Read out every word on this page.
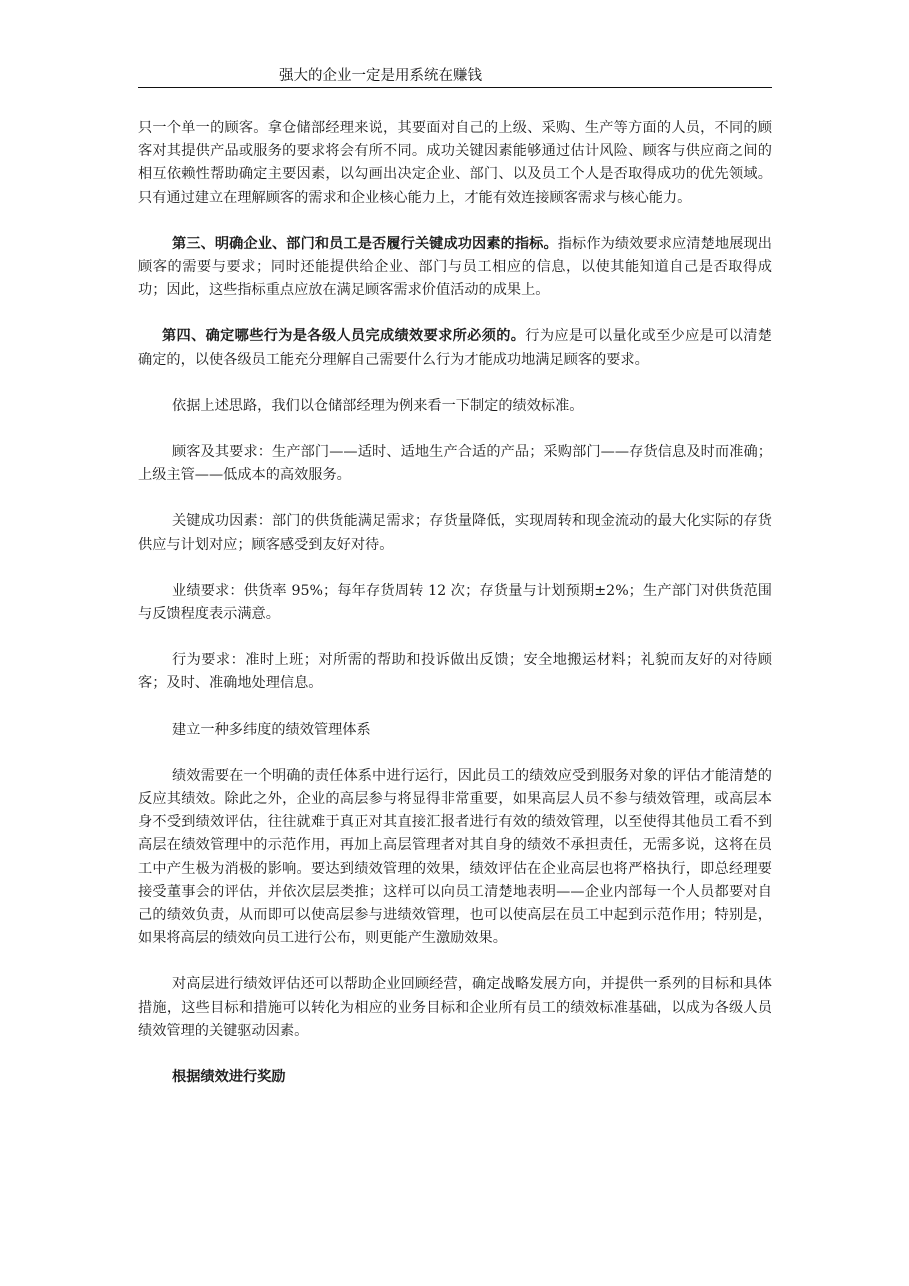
强大的企业一定是用系统在赚钱

只一个单一的顾客。拿仓储部经理来说，其要面对自己的上级、采购、生产等方面的人员，不同的顾客对其提供产品或服务的要求将会有所不同。成功关键因素能够通过估计风险、顾客与供应商之间的相互依赖性帮助确定主要因素，以勾画出决定企业、部门、以及员工个人是否取得成功的优先领域。只有通过建立在理解顾客的需求和企业核心能力上，才能有效连接顾客需求与核心能力。

第三、明确企业、部门和员工是否履行关键成功因素的指标。指标作为绩效要求应清楚地展现出顾客的需要与要求；同时还能提供给企业、部门与员工相应的信息，以使其能知道自己是否取得成功；因此，这些指标重点应放在满足顾客需求价值活动的成果上。

第四、确定哪些行为是各级人员完成绩效要求所必须的。行为应是可以量化或至少应是可以清楚确定的，以使各级员工能充分理解自己需要什么行为才能成功地满足顾客的要求。

依据上述思路，我们以仓储部经理为例来看一下制定的绩效标准。

顾客及其要求：生产部门——适时、适地生产合适的产品；采购部门——存货信息及时而准确；上级主管——低成本的高效服务。

关键成功因素：部门的供货能满足需求；存货量降低，实现周转和现金流动的最大化实际的存货供应与计划对应；顾客感受到友好对待。

业绩要求：供货率 95%；每年存货周转 12 次；存货量与计划预期±2%；生产部门对供货范围与反馈程度表示满意。

行为要求：准时上班；对所需的帮助和投诉做出反馈；安全地搬运材料；礼貌而友好的对待顾客；及时、准确地处理信息。

建立一种多纬度的绩效管理体系

绩效需要在一个明确的责任体系中进行运行，因此员工的绩效应受到服务对象的评估才能清楚的反应其绩效。除此之外，企业的高层参与将显得非常重要，如果高层人员不参与绩效管理，或高层本身不受到绩效评估，往往就难于真正对其直接汇报者进行有效的绩效管理，以至使得其他员工看不到高层在绩效管理中的示范作用，再加上高层管理者对其自身的绩效不承担责任，无需多说，这将在员工中产生极为消极的影响。要达到绩效管理的效果，绩效评估在企业高层也将严格执行，即总经理要接受董事会的评估，并依次层层类推；这样可以向员工清楚地表明——企业内部每一个人员都要对自己的绩效负责，从而即可以使高层参与进绩效管理，也可以使高层在员工中起到示范作用；特别是，如果将高层的绩效向员工进行公布，则更能产生激励效果。

对高层进行绩效评估还可以帮助企业回顾经营，确定战略发展方向，并提供一系列的目标和具体措施，这些目标和措施可以转化为相应的业务目标和企业所有员工的绩效标准基础，以成为各级人员绩效管理的关键驱动因素。

根据绩效进行奖励
